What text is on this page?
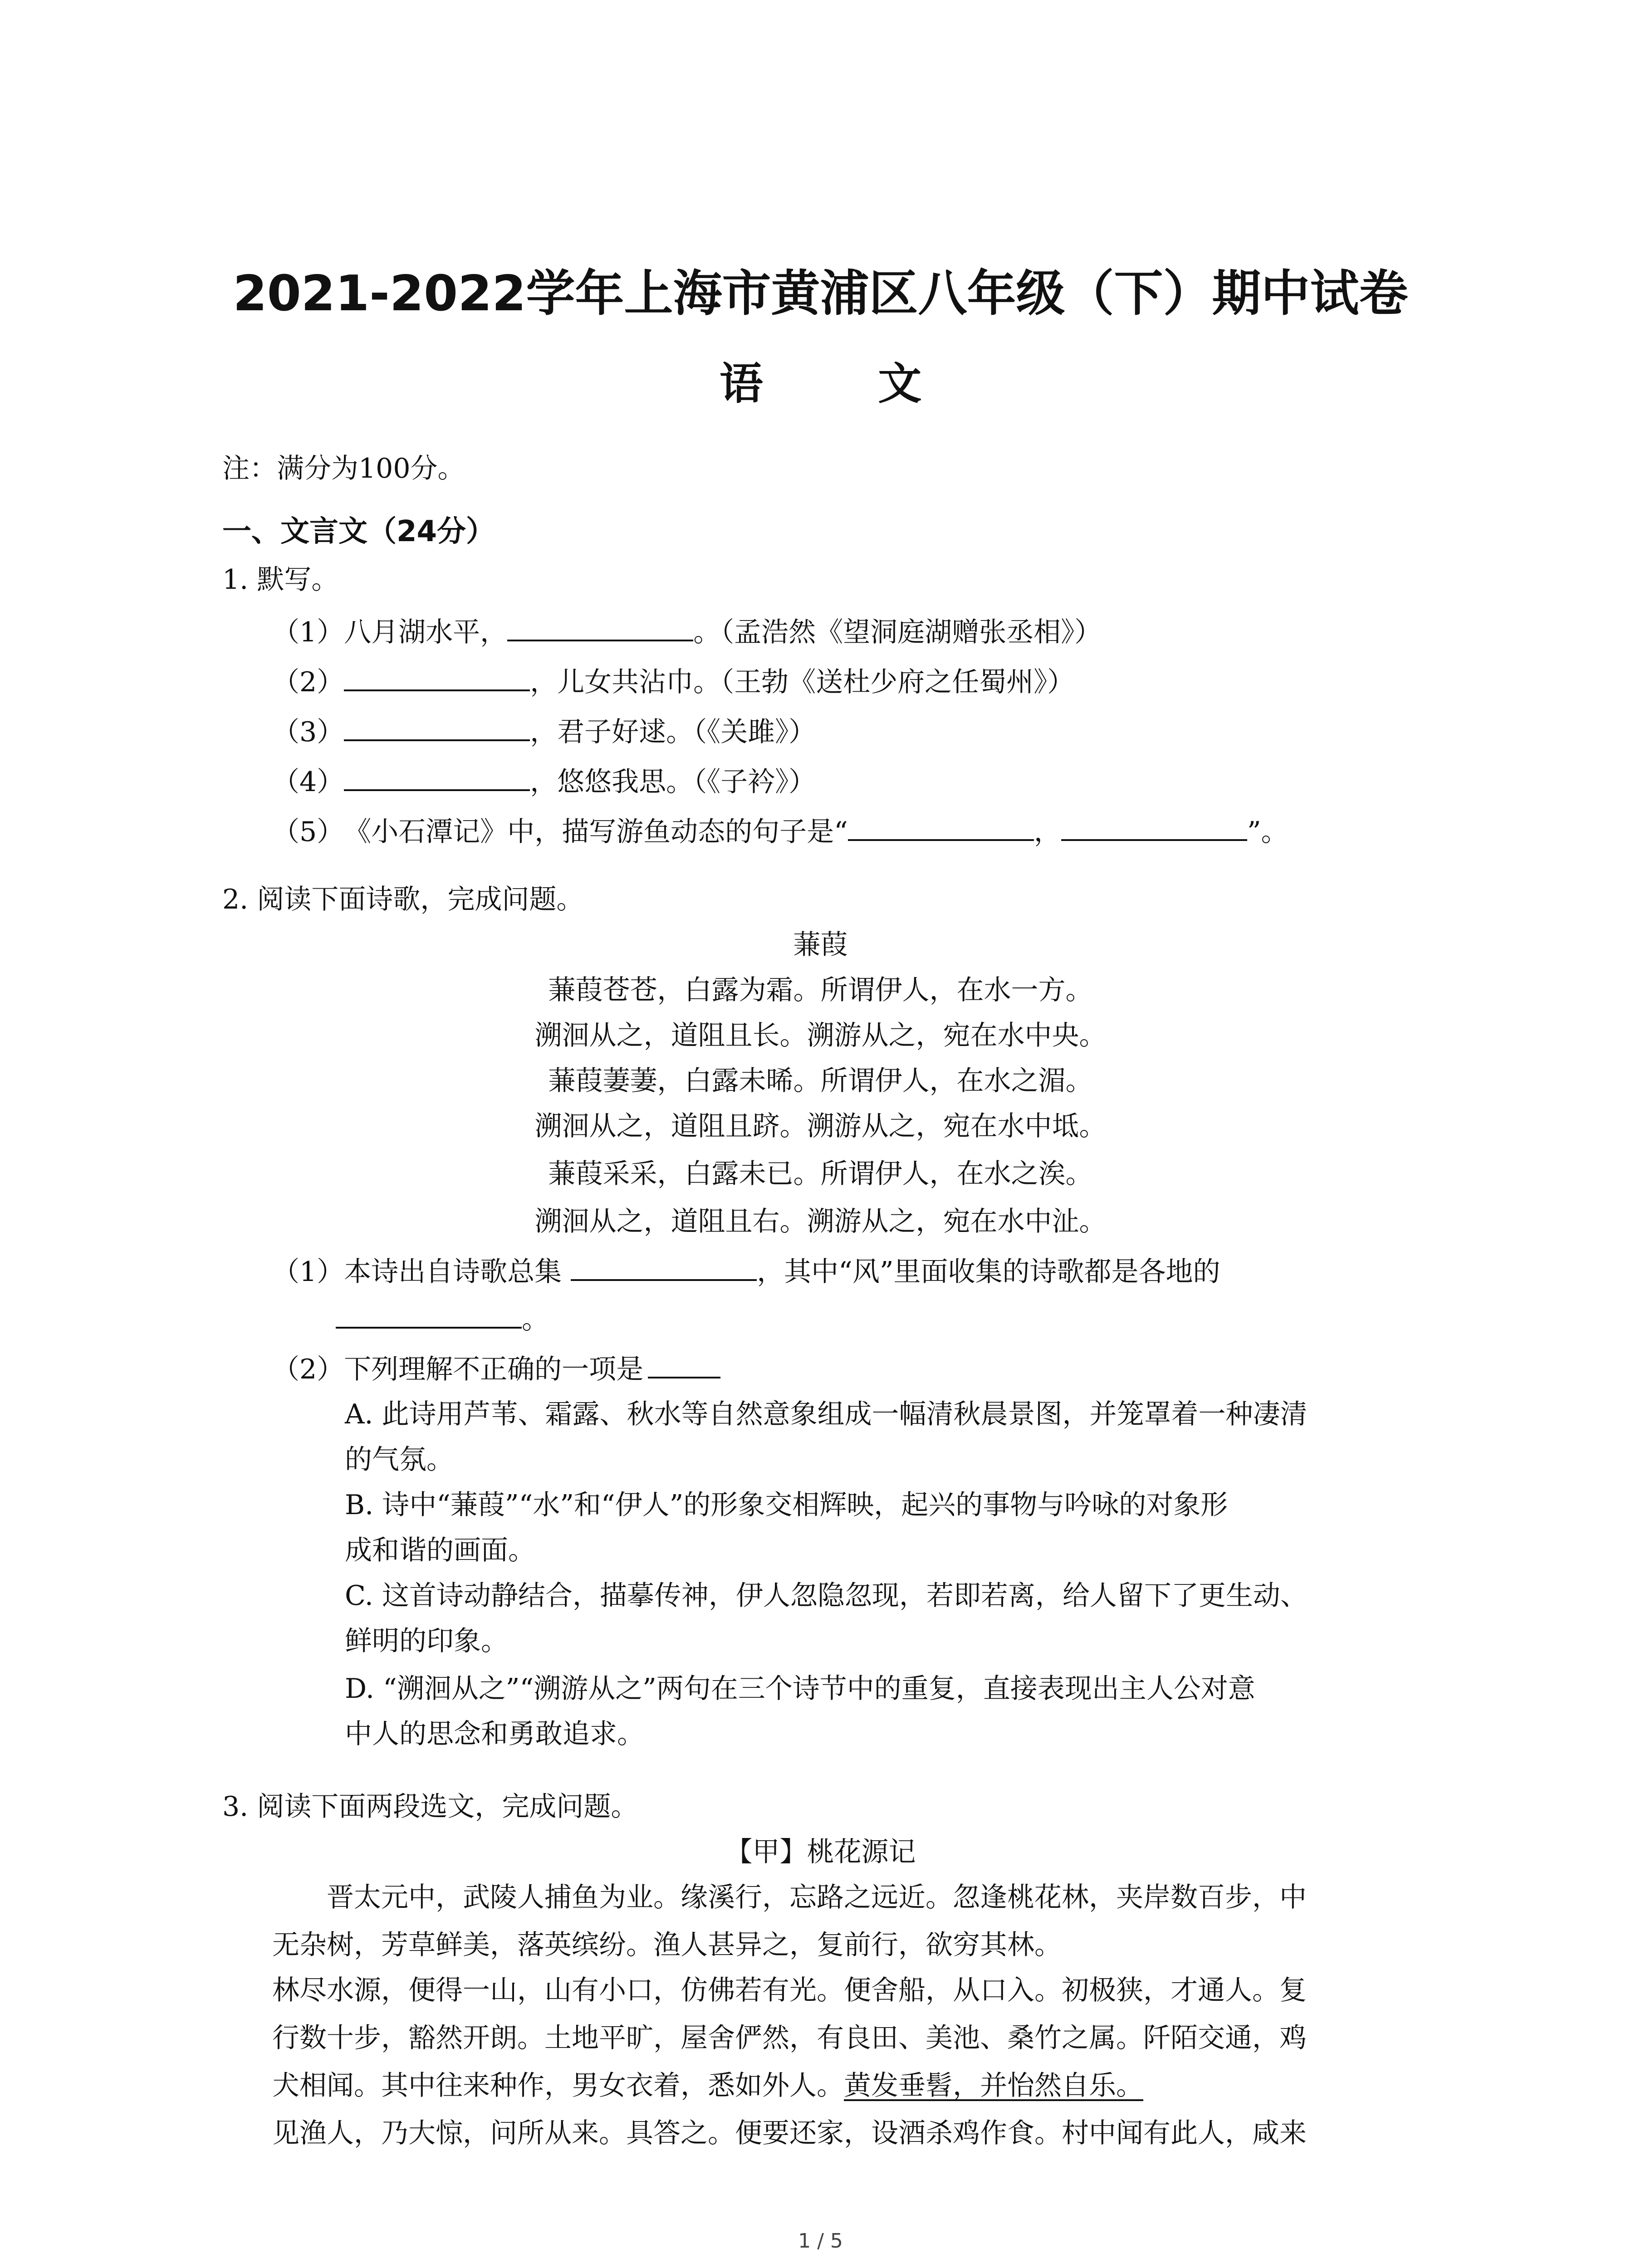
2021-2022学年上海市黄浦区八年级（下）期中试卷
语 文
注：满分为100分。
一、文言文（24分）
1. 默写。
（1） 八月湖水平，	。（孟浩然《望洞庭湖赠张丞相》）
（2）	，儿女共沾巾。（王勃《送杜少府之任蜀州》）
（3）	，君子好逑。（《关雎》）
（4）	，悠悠我思。（《子衿》）
（5） 《小石潭记》中，描写游鱼动态的句子是“	，	”。
2. 阅读下面诗歌，完成问题。
蒹葭
蒹葭苍苍，白露为霜。所谓伊人，在水一方。
溯洄从之，道阻且长。溯游从之，宛在水中央。
蒹葭萋萋，白露未晞。所谓伊人，在水之湄。
溯洄从之，道阻且跻。溯游从之，宛在水中坻。
蒹葭采采，白露未已。所谓伊人，在水之涘。
溯洄从之，道阻且右。溯游从之，宛在水中沚。
（1） 本诗出自诗歌总集	，其中“风”里面收集的诗歌都是各地的
。
（2） 下列理解不正确的一项是
A. 此诗用芦苇、霜露、秋水等自然意象组成一幅清秋晨景图，并笼罩着一种凄清
的气氛。
B. 诗中“蒹葭”“水”和“伊人”的形象交相辉映，起兴的事物与吟咏的对象形
成和谐的画面。
C. 这首诗动静结合，描摹传神，伊人忽隐忽现，若即若离，给人留下了更生动、
鲜明的印象。
D. “溯洄从之”“溯游从之”两句在三个诗节中的重复，直接表现出主人公对意
中人的思念和勇敢追求。
3. 阅读下面两段选文，完成问题。
【甲】桃花源记
晋太元中，武陵人捕鱼为业。缘溪行，忘路之远近。忽逢桃花林，夹岸数百步，中
无杂树，芳草鲜美，落英缤纷。渔人甚异之，复前行，欲穷其林。
林尽水源，便得一山，山有小口，仿佛若有光。便舍船，从口入。初极狭，才通人。复
行数十步，豁然开朗。土地平旷，屋舍俨然，有良田、美池、桑竹之属。阡陌交通，鸡
犬相闻。其中往来种作，男女衣着，悉如外人。 黄发垂髫，并怡然自乐。
见渔人，乃大惊，问所从来。具答之。便要还家，设酒杀鸡作食。村中闻有此人，咸来
1 / 5
